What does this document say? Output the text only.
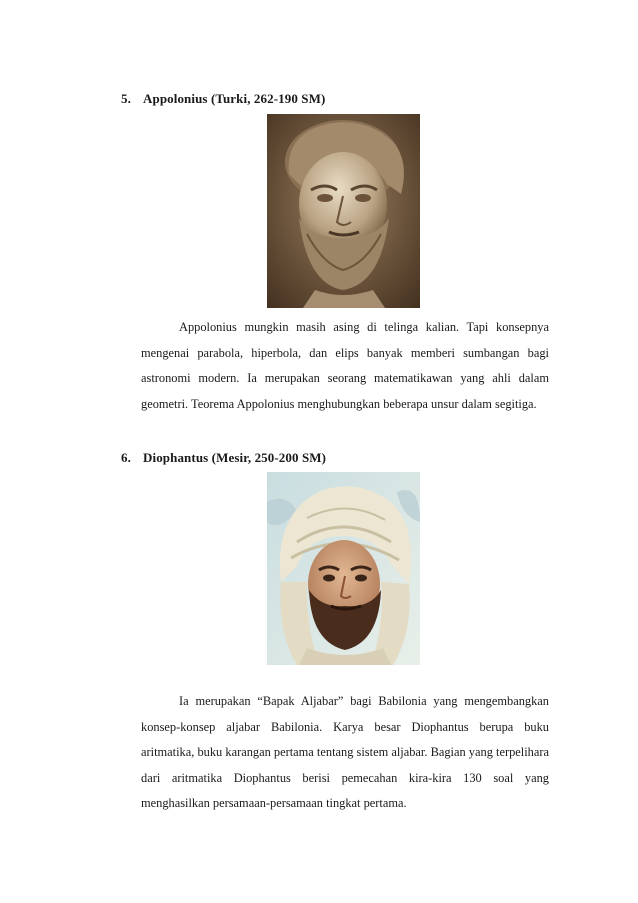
5. Appolonius (Turki, 262-190 SM)

Appolonius mungkin masih asing di telinga kalian. Tapi konsepnya mengenai parabola, hiperbola, dan elips banyak memberi sumbangan bagi astronomi modern. Ia merupakan seorang matematikawan yang ahli dalam geometri. Teorema Appolonius menghubungkan beberapa unsur dalam segitiga.

6. Diophantus (Mesir, 250-200 SM)

Ia merupakan “Bapak Aljabar” bagi Babilonia yang mengembangkan konsep-konsep aljabar Babilonia. Karya besar Diophantus berupa buku aritmatika, buku karangan pertama tentang sistem aljabar. Bagian yang terpelihara dari aritmatika Diophantus berisi pemecahan kira-kira 130 soal yang menghasilkan persamaan-persamaan tingkat pertama.
